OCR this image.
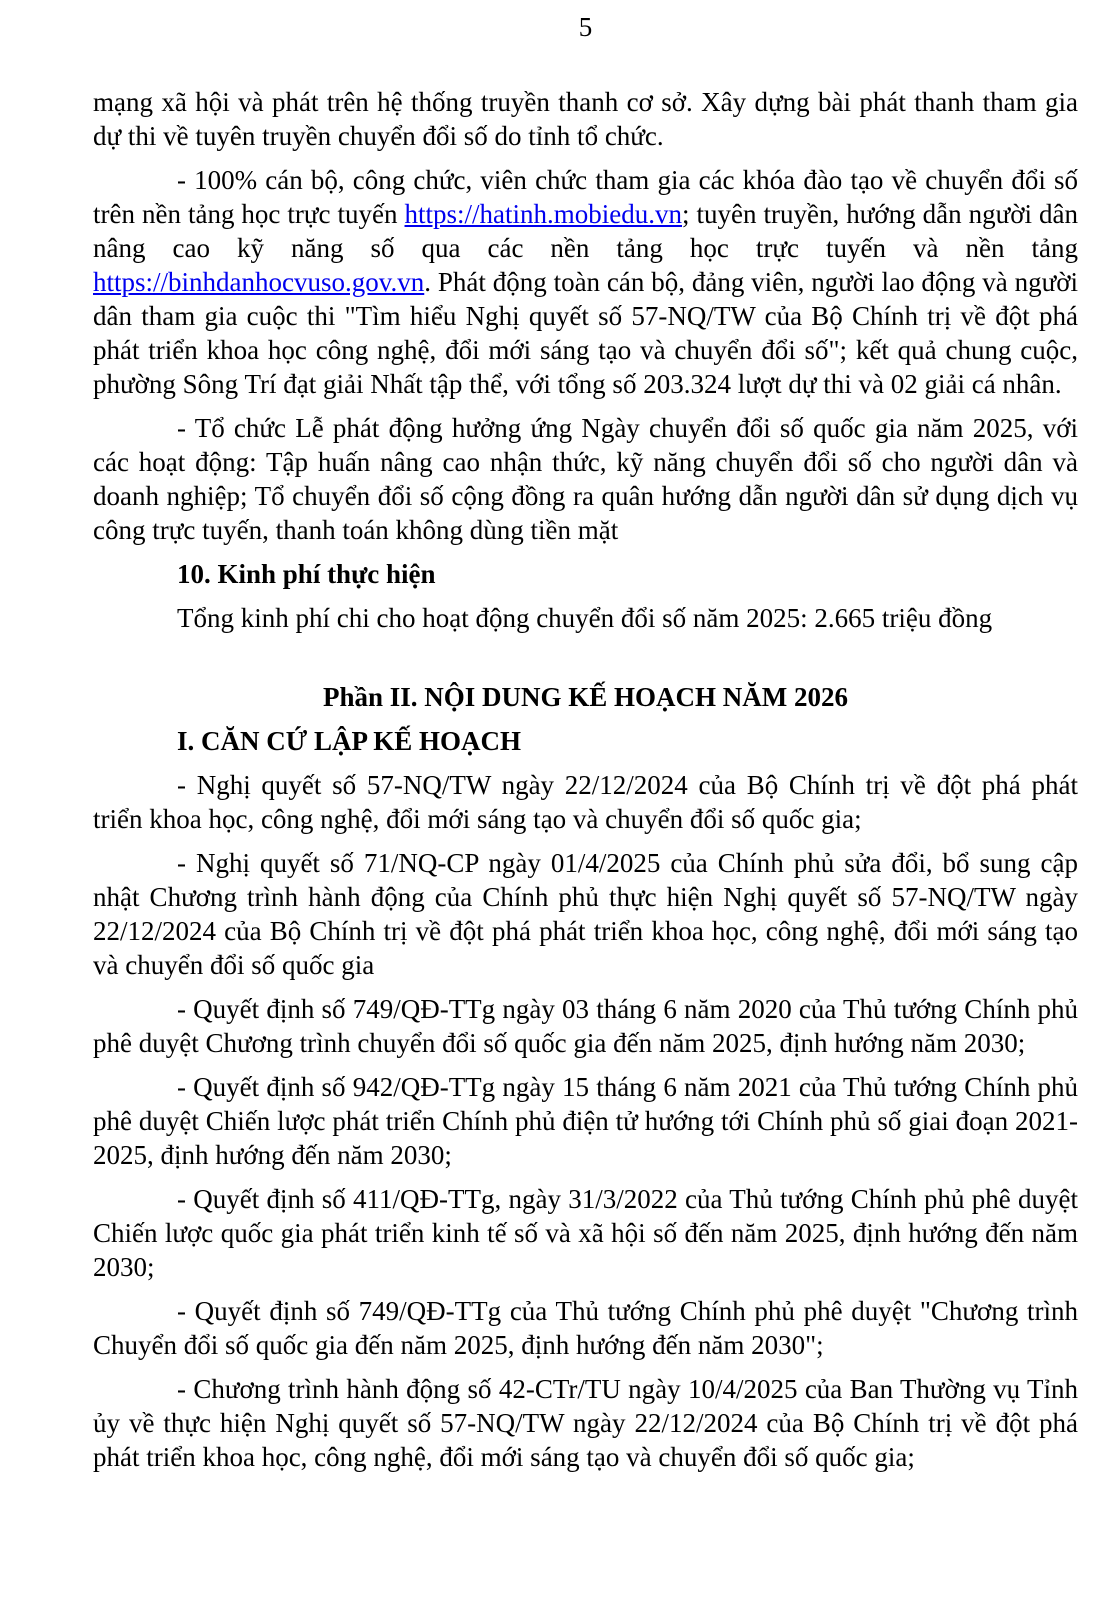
5

mạng xã hội và phát trên hệ thống truyền thanh cơ sở. Xây dựng bài phát thanh tham gia dự thi về tuyên truyền chuyển đổi số do tỉnh tổ chức.

- 100% cán bộ, công chức, viên chức tham gia các khóa đào tạo về chuyển đổi số trên nền tảng học trực tuyến https://hatinh.mobiedu.vn; tuyên truyền, hướng dẫn người dân nâng cao kỹ năng số qua các nền tảng học trực tuyến và nền tảng https://binhdanhocvuso.gov.vn. Phát động toàn cán bộ, đảng viên, người lao động và người dân tham gia cuộc thi "Tìm hiểu Nghị quyết số 57-NQ/TW của Bộ Chính trị về đột phá phát triển khoa học công nghệ, đổi mới sáng tạo và chuyển đổi số"; kết quả chung cuộc, phường Sông Trí đạt giải Nhất tập thể, với tổng số 203.324 lượt dự thi và 02 giải cá nhân.

- Tổ chức Lễ phát động hưởng ứng Ngày chuyển đổi số quốc gia năm 2025, với các hoạt động: Tập huấn nâng cao nhận thức, kỹ năng chuyển đổi số cho người dân và doanh nghiệp; Tổ chuyển đổi số cộng đồng ra quân hướng dẫn người dân sử dụng dịch vụ công trực tuyến, thanh toán không dùng tiền mặt

10. Kinh phí thực hiện

Tổng kinh phí chi cho hoạt động chuyển đổi số năm 2025: 2.665 triệu đồng

Phần II. NỘI DUNG KẾ HOẠCH NĂM 2026
I. CĂN CỨ LẬP KẾ HOẠCH

- Nghị quyết số 57-NQ/TW ngày 22/12/2024 của Bộ Chính trị về đột phá phát triển khoa học, công nghệ, đổi mới sáng tạo và chuyển đổi số quốc gia;

- Nghị quyết số 71/NQ-CP ngày 01/4/2025 của Chính phủ sửa đổi, bổ sung cập nhật Chương trình hành động của Chính phủ thực hiện Nghị quyết số 57-NQ/TW ngày 22/12/2024 của Bộ Chính trị về đột phá phát triển khoa học, công nghệ, đổi mới sáng tạo và chuyển đổi số quốc gia

- Quyết định số 749/QĐ-TTg ngày 03 tháng 6 năm 2020 của Thủ tướng Chính phủ phê duyệt Chương trình chuyển đổi số quốc gia đến năm 2025, định hướng năm 2030;

- Quyết định số 942/QĐ-TTg ngày 15 tháng 6 năm 2021 của Thủ tướng Chính phủ phê duyệt Chiến lược phát triển Chính phủ điện tử hướng tới Chính phủ số giai đoạn 2021-2025, định hướng đến năm 2030;

- Quyết định số 411/QĐ-TTg, ngày 31/3/2022 của Thủ tướng Chính phủ phê duyệt Chiến lược quốc gia phát triển kinh tế số và xã hội số đến năm 2025, định hướng đến năm 2030;

- Quyết định số 749/QĐ-TTg của Thủ tướng Chính phủ phê duyệt "Chương trình Chuyển đổi số quốc gia đến năm 2025, định hướng đến năm 2030";

- Chương trình hành động số 42-CTr/TU ngày 10/4/2025 của Ban Thường vụ Tỉnh ủy về thực hiện Nghị quyết số 57-NQ/TW ngày 22/12/2024 của Bộ Chính trị về đột phá phát triển khoa học, công nghệ, đổi mới sáng tạo và chuyển đổi số quốc gia;
